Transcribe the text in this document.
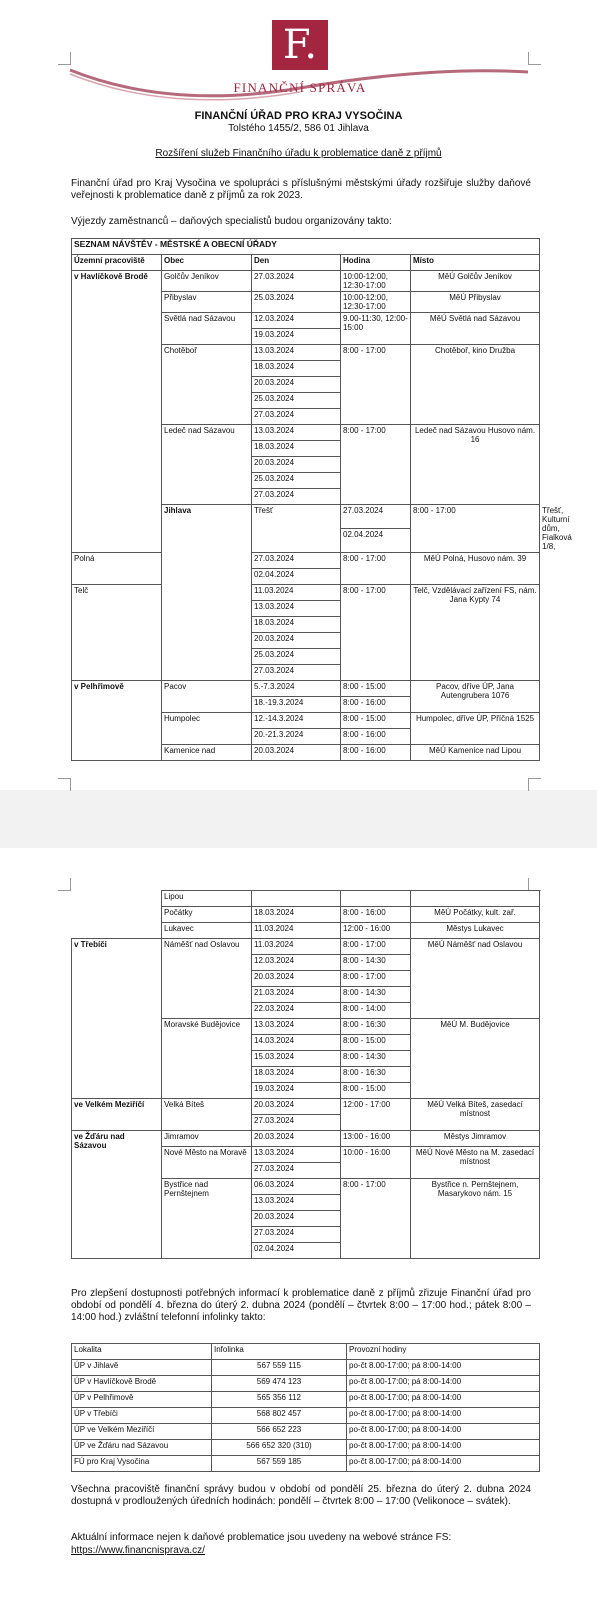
F.
FINANČNÍ SPRÁVA
FINANČNÍ ÚŘAD PRO KRAJ VYSOČINA
Tolstého 1455/2, 586 01 Jihlava
Rozšíření služeb Finančního úřadu k problematice daně z příjmů
Finanční úřad pro Kraj Vysočina ve spolupráci s příslušnými městskými úřady rozšiřuje služby daňové veřejnosti k problematice daně z příjmů za rok 2023.
Výjezdy zaměstnanců – daňových specialistů budou organizovány takto:
SEZNAM NÁVŠTĚV - MĚSTSKÉ A OBECNÍ ÚŘADY					
Územní pracoviště	Obec	Den	Hodina	Místo	
v Havlíčkově Brodě	Golčův Jeníkov	27.03.2024	10:00-12:00, 12:30-17:00	MěÚ Golčův Jeníkov	
	Přibyslav	25.03.2024	10:00-12:00, 12:30-17:00	MěÚ Přibyslav	
	Světlá nad Sázavou	12.03.2024	9.00-11:30, 12:00-15:00	MěÚ Světlá nad Sázavou	
		19.03.2024			
	Chotěboř	13.03.2024	8:00 - 17:00	Chotěboř, kino Družba	
		18.03.2024			
		20.03.2024			
		25.03.2024			
		27.03.2024			
	Ledeč nad Sázavou	13.03.2024	8:00 - 17:00	Ledeč nad Sázavou Husovo nám. 16	
		18.03.2024			
		20.03.2024			
		25.03.2024			
		27.03.2024			
	Jihlava	Třešť	27.03.2024	8:00 - 17:00	Třešť, Kulturní dům, Fialková 1/8,
			02.04.2024		
Polná		27.03.2024	8:00 - 17:00	MěÚ Polná, Husovo nám. 39	
		02.04.2024			
Telč		11.03.2024	8:00 - 17:00	Telč, Vzdělávací zařízení FS, nám. Jana Kypty 74	
		13.03.2024			
		18.03.2024			
		20.03.2024			
		25.03.2024			
		27.03.2024			
v Pelhřimově	Pacov	5.-7.3.2024	8:00 - 15:00	Pacov, dříve ÚP, Jana Autengrubera 1076	
		18.-19.3.2024	8:00 - 16:00		
	Humpolec	12.-14.3.2024	8:00 - 15:00	Humpolec, dříve ÚP, Příčná 1525	
		20.-21.3.2024	8:00 - 16:00		
	Kamenice nad	20.03.2024	8:00 - 16:00	MěÚ Kamenice nad Lipou	
	Lipou			
	Počátky	18.03.2024	8:00 - 16:00	MěÚ Počátky, kult. zař.
	Lukavec	11.03.2024	12:00 - 16:00	Městys Lukavec
v Třebíči	Náměšť nad Oslavou	11.03.2024	8:00 - 17:00	MěÚ Náměšť nad Oslavou
		12.03.2024	8:00 - 14:30	
		20.03.2024	8:00 - 17:00	
		21.03.2024	8:00 - 14:30	
		22.03.2024	8:00 - 14:00	
	Moravské Budějovice	13.03.2024	8:00 - 16:30	MěÚ M. Budějovice
		14.03.2024	8:00 - 15:00	
		15.03.2024	8:00 - 14:30	
		18.03.2024	8:00 - 16:30	
		19.03.2024	8:00 - 15:00	
ve Velkém Meziříčí	Velká Bíteš	20.03.2024	12:00 - 17:00	MěÚ Velká Bíteš, zasedací místnost
		27.03.2024		
ve Žďáru nad Sázavou	Jimramov	20.03.2024	13:00 - 16:00	Městys Jimramov
	Nové Město na Moravě	13.03.2024	10:00 - 16:00	MěÚ Nové Město na M. zasedací místnost
		27.03.2024		
	Bystřice nad Pernštejnem	06.03.2024	8:00 - 17:00	Bystřice n. Pernštejnem, Masarykovo nám. 15
		13.03.2024		
		20.03.2024		
		27.03.2024		
		02.04.2024		
Pro zlepšení dostupnosti potřebných informací k problematice daně z příjmů zřizuje Finanční úřad pro období od pondělí 4. března do úterý 2. dubna 2024 (pondělí – čtvrtek 8:00 – 17:00 hod.; pátek 8:00 – 14:00 hod.) zvláštní telefonní infolinky takto:
Lokalita	Infolinka	Provozní hodiny
ÚP v Jihlavě	567 559 115	po-čt 8.00-17:00; pá 8:00-14:00
ÚP v Havlíčkově Brodě	569 474 123	po-čt 8.00-17:00; pá 8:00-14:00
ÚP v Pelhřimově	565 356 112	po-čt 8.00-17:00; pá 8:00-14:00
ÚP v Třebíči	568 802 457	po-čt 8.00-17:00; pá 8:00-14:00
ÚP ve Velkém Meziříčí	566 652 223	po-čt 8.00-17:00; pá 8:00-14:00
ÚP ve Žďáru nad Sázavou	566 652 320 (310)	po-čt 8.00-17:00; pá 8:00-14:00
FÚ pro Kraj Vysočina	567 559 185	po-čt 8.00-17:00; pá 8:00-14:00
Všechna pracoviště finanční správy budou v období od pondělí 25. března do úterý 2. dubna 2024 dostupná v prodloužených úředních hodinách: pondělí – čtvrtek 8:00 – 17:00 (Velikonoce – svátek).
Aktuální informace nejen k daňové problematice jsou uvedeny na webové stránce FS:
https://www.financnisprava.cz/
